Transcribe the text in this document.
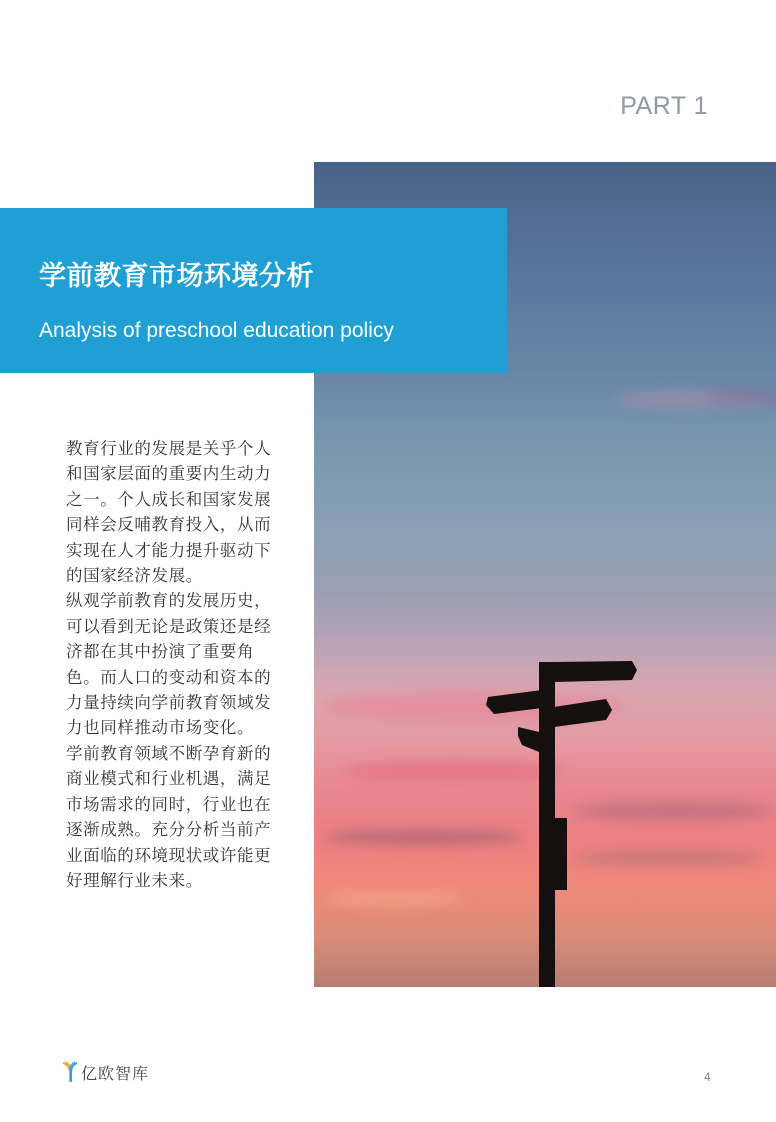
PART 1
学前教育市场环境分析
Analysis of preschool education policy

教育行业的发展是关乎个人和国家层面的重要内生动力之一。个人成长和国家发展同样会反哺教育投入，从而实现在人才能力提升驱动下的国家经济发展。

纵观学前教育的发展历史，可以看到无论是政策还是经济都在其中扮演了重要角色。而人口的变动和资本的力量持续向学前教育领域发力也同样推动市场变化。

学前教育领域不断孕育新的商业模式和行业机遇，满足市场需求的同时，行业也在逐渐成熟。充分分析当前产业面临的环境现状或许能更好理解行业未来。

亿欧智库	4
